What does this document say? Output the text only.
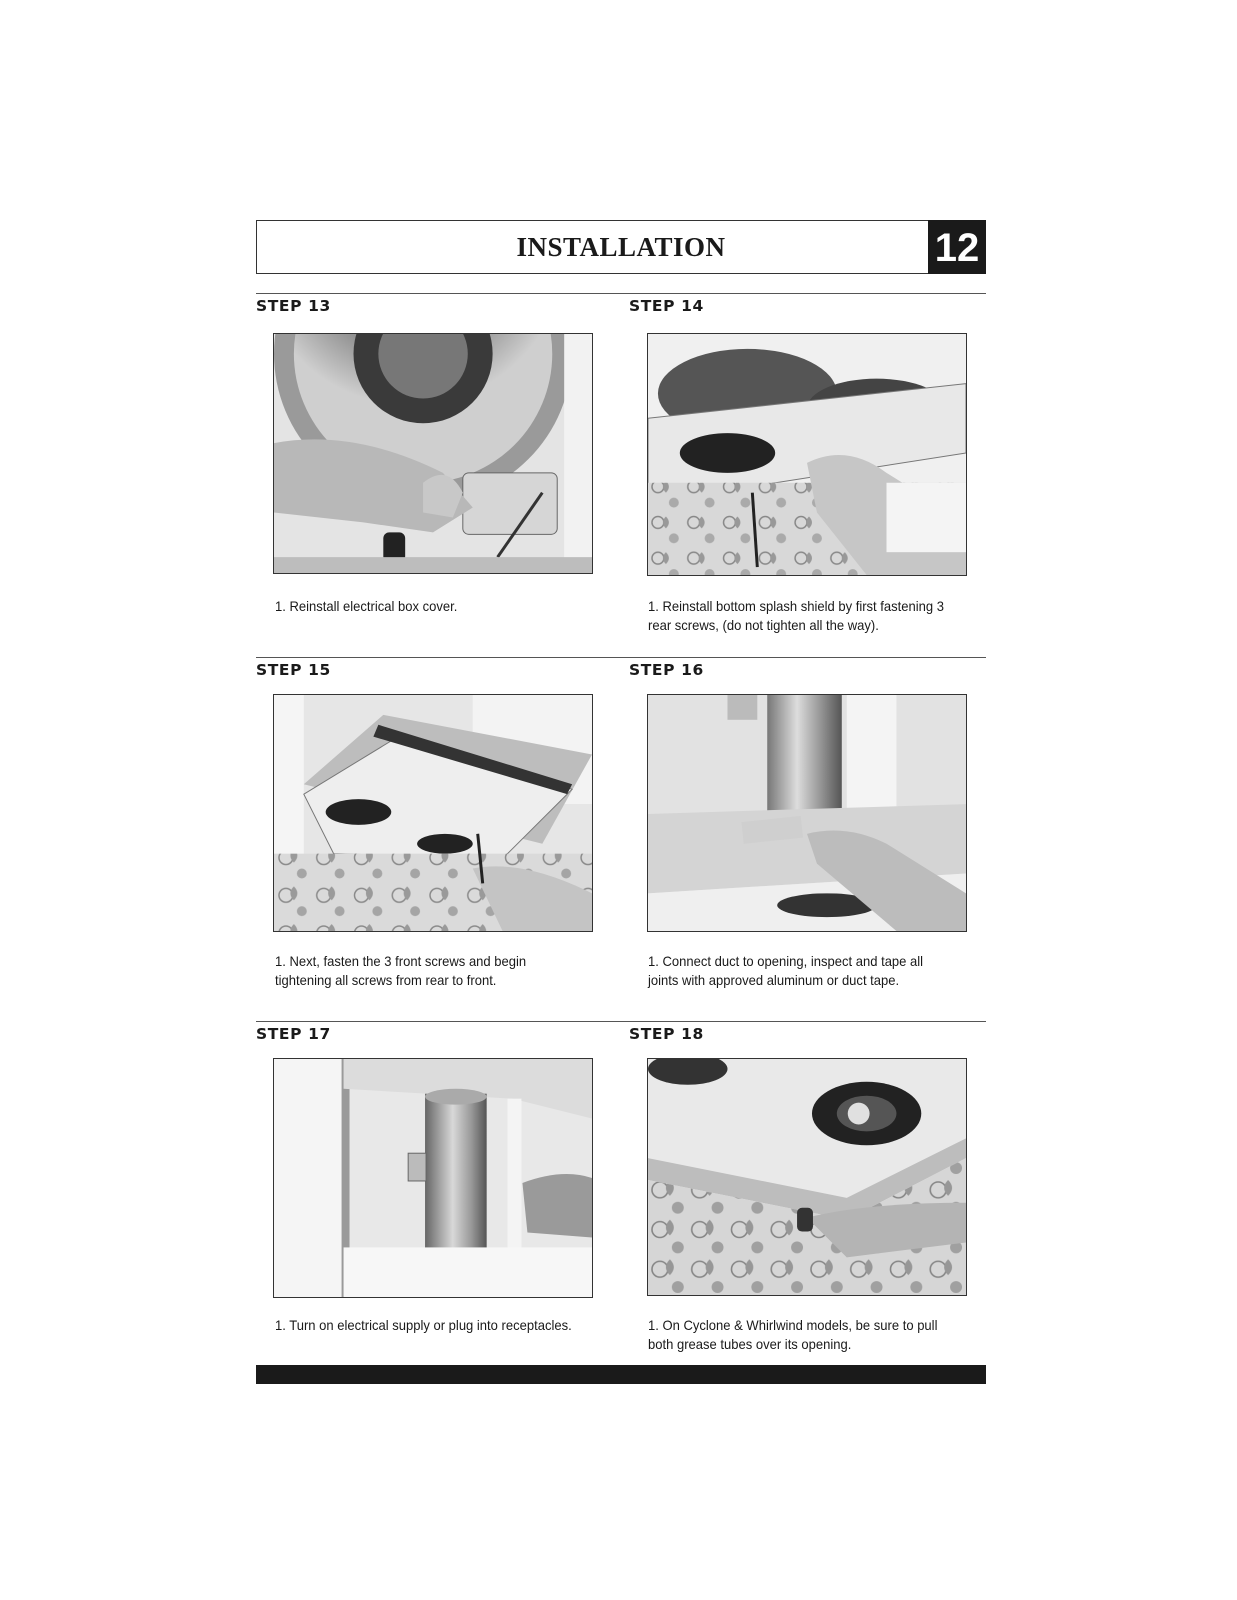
INSTALLATION	12
STEP 13
1. Reinstall electrical box cover.
STEP 14
1. Reinstall bottom splash shield by first fastening 3 rear screws, (do not tighten all the way).
STEP 15
1. Next, fasten the 3 front screws and begin tightening all screws from rear to front.
STEP 16
1. Connect duct to opening, inspect and tape all joints with approved aluminum or duct tape.
STEP 17
1. Turn on electrical supply or plug into receptacles.
STEP 18
1. On Cyclone & Whirlwind models, be sure to pull both grease tubes over its opening.
